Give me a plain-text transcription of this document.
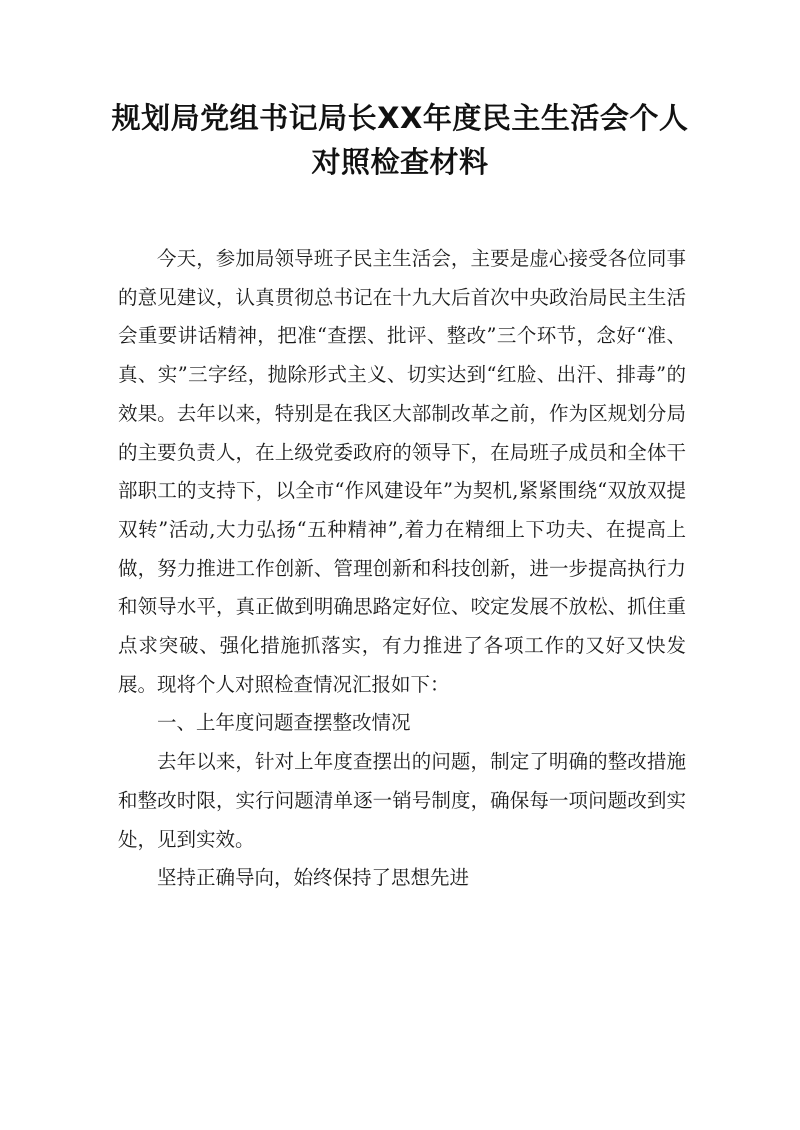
规划局党组书记局长XX年度民主生活会个人对照检查材料

今天，参加局领导班子民主生活会，主要是虚心接受各位同事的意见建议，认真贯彻总书记在十九大后首次中央政治局民主生活会重要讲话精神，把准“查摆、批评、整改”三个环节，念好“准、真、实”三字经，抛除形式主义、切实达到“红脸、出汗、排毒”的效果。去年以来，特别是在我区大部制改革之前，作为区规划分局的主要负责人，在上级党委政府的领导下，在局班子成员和全体干部职工的支持下，以全市“作风建设年”为契机,紧紧围绕“双放双提双转”活动,大力弘扬“五种精神”,着力在精细上下功夫、在提高上做，努力推进工作创新、管理创新和科技创新，进一步提高执行力和领导水平，真正做到明确思路定好位、咬定发展不放松、抓住重点求突破、强化措施抓落实，有力推进了各项工作的又好又快发展。现将个人对照检查情况汇报如下：

一、上年度问题查摆整改情况

去年以来，针对上年度查摆出的问题，制定了明确的整改措施和整改时限，实行问题清单逐一销号制度，确保每一项问题改到实处，见到实效。

坚持正确导向，始终保持了思想先进
